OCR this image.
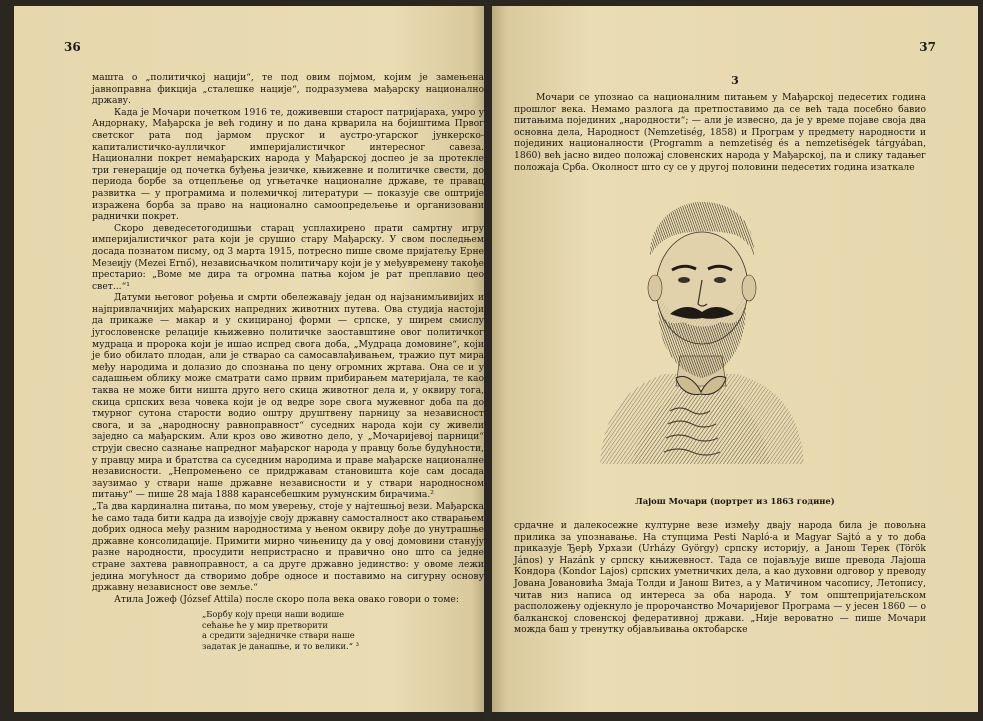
36

машта о „политичкој нацији“, те под овим појмом, којим је замењена јавноправна фикција „сталешке нације“, подразумева мађарску национално државу.

Када је Мочари почетком 1916 те, доживевши старост патријараха, умро у Андорнаку, Мађарска је већ годину и по дана крварила на бојиштима Првог светског рата под јармом пруског и аустро-угарског јункерско-капиталистичко-аулличког империјалистичког интересног савеза. Национални покрет немађарских народа у Мађарској доспео је за протекле три генерације од почетка буђења језичке, књижевне и политичке свести, до периода борбе за отцепљење од угњетачке националне државе, те правац развитка — у програмима и полемичкој литератури — показује све оштрије изражена борба за право на национално самоопредељење и организовани раднички покрет.

Скоро деведесетогодишњи старац усплахирено прати самртну игру империјалистичког рата који је срушио стару Мађарску. У свом последњем досада познатом писму, од 3 марта 1915, потресно пише своме пријатељу Ерне Мезеију (Mezei Ernő), независњачком политичару који је у међувремену такође престарио: „Воме ме дира та огромна патња којом је рат преплавио цео свет...“¹

Датуми његовог рођења и смрти обележавају један од најзанимљивијих и најпривлачнијих мађарских напредних животних путева. Ова студија настоји да прикаже — макар и у скицираној форми — српске, у ширем смислу југословенске релације књижевно политичке заоставштине овог политичког мудраца и пророка који је ишао испред свога доба, „Мудраца домовине“, који је био обилато плодан, али је стварао са самосавлађивањем, тражио пут мира међу народима и долазио до спознања по цену огромних жртава. Она се и у садашњем облику може сматрати само првим прибирањем материјала, те као таква не може бити ништа друго него скица животног дела и, у оквиру тога, скица српских веза човека који је од ведре зоре свога мужевног доба па до тмурног сутона старости водио оштру друштвену парницу за независност свога, и за „народносну равноправност“ суседних народа који су живели заједно са мађарским. Али кроз ово животно дело, у „Мочаријевој парници“ струји свесно сазнање напредног мађарског народа у правцу боље будућности, у правцу мира и братства са суседним народима и праве мађарске националне независности. „Непромењено се придржавам становишта које сам досада заузимао у ствари наше државне независности и у ствари народносном питању“ — пише 28 маја 1888 карансебешким румунским бирачима.²

„Та два кардинална питања, по мом уверењу, стоје у најтешњој вези. Мађарска ће само тада бити кадра да извојује своју државну самосталност ако стварањем добрих односа међу разним народностима у њеном оквиру дође до унутрашње државне консолидације. Примити мирно чињеницу да у овој домовини станују разне народности, просудити непристрасно и правично оно што са једне стране захтева равноправност, а са друге државно јединство: у овоме лежи једина могућност да створимо добре односе и поставимо на сигурну основу државну независност ове земље.“

Атила Јожеф (József Attila) после скоро пола века овако говори о томе:

„Борбу коју преци наши водише
сећање ће у мир претворити
а средити заједничке ствари наше
задатак је данашње, и то велики.“ ³
37
3

Мочари се упознао са националним питањем у Мађарској педесетих година прошлог века. Немамо разлога да претпоставимо да се већ тада посебно бавио питањима појединих „народности“; — али је извесно, да је у време појаве своја два основна дела, Народност (Nemzetiség, 1858) и Програм у предмету народности и појединих националности (Programm a nemzetiség és a nemzetiségek tárgyában, 1860) већ јасно видео положај словенских народа у Мађарској, па и слику тадањег положаја Срба. Околност што су се у другој половини педесетих година изаткале

Лајош Мочари (портрет из 1863 године)

срдачне и далекосежне културне везе између двају народа била је повољна прилика за упознавање. На ступцима Pesti Napló-а и Magyar Sajtó а у то доба приказује Ђерђ Урхази (Urházy György) српску историју, а Јанош Терек (Török János) у Hazánk у српску књижевност. Тада се појављује више превода Лајоша Кондора (Kondor Lajos) српских уметничких дела, а као духовни одговор у преводу Јована Јовановића Змаја Толди и Јанош Витез, а у Матичином часопису, Летопису, читав низ написа од интереса за оба народа. У том општепријатељском расположењу одјекнуло је пророчанство Мочаријевог Програма — у јесен 1860 — о балканској словенској федеративној држави. „Није вероватно — пише Мочари можда баш у тренутку објављивања октобарске
